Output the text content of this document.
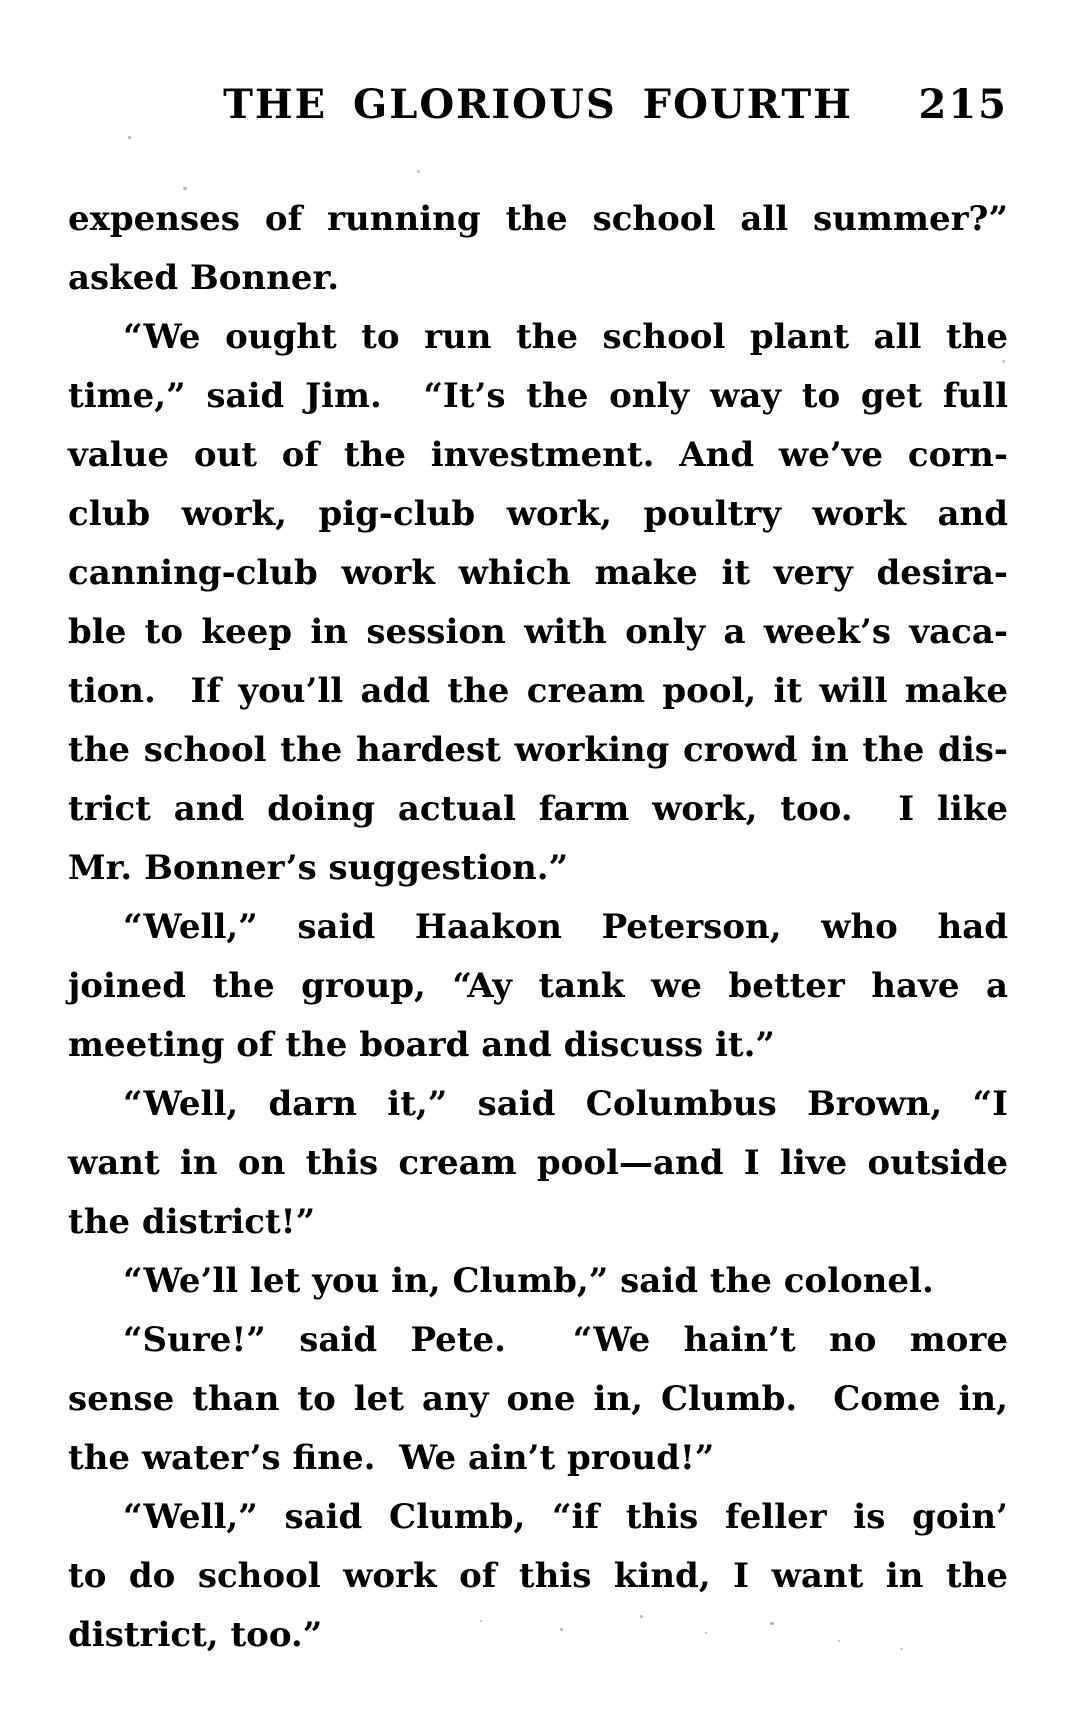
THE GLORIOUS FOURTH	215
expenses of running the school all summer?”
asked Bonner.
“We ought to run the school plant all the
time,” said Jim.  “It’s the only way to get full
value out of the investment. And we’ve corn-
club work, pig-club work, poultry work and
canning-club work which make it very desira-
ble to keep in session with only a week’s vaca-
tion.  If you’ll add the cream pool, it will make
the school the hardest working crowd in the dis-
trict and doing actual farm work, too.  I like
Mr. Bonner’s suggestion.”
“Well,” said Haakon Peterson, who had
joined the group, “Ay tank we better have a
meeting of the board and discuss it.”
“Well, darn it,” said Columbus Brown, “I
want in on this cream pool—and I live outside
the district!”
“We’ll let you in, Clumb,” said the colonel.
“Sure!” said Pete.  “We hain’t no more
sense than to let any one in, Clumb.  Come in,
the water’s fine.  We ain’t proud!”
“Well,” said Clumb, “if this feller is goin’
to do school work of this kind, I want in the
district, too.”
